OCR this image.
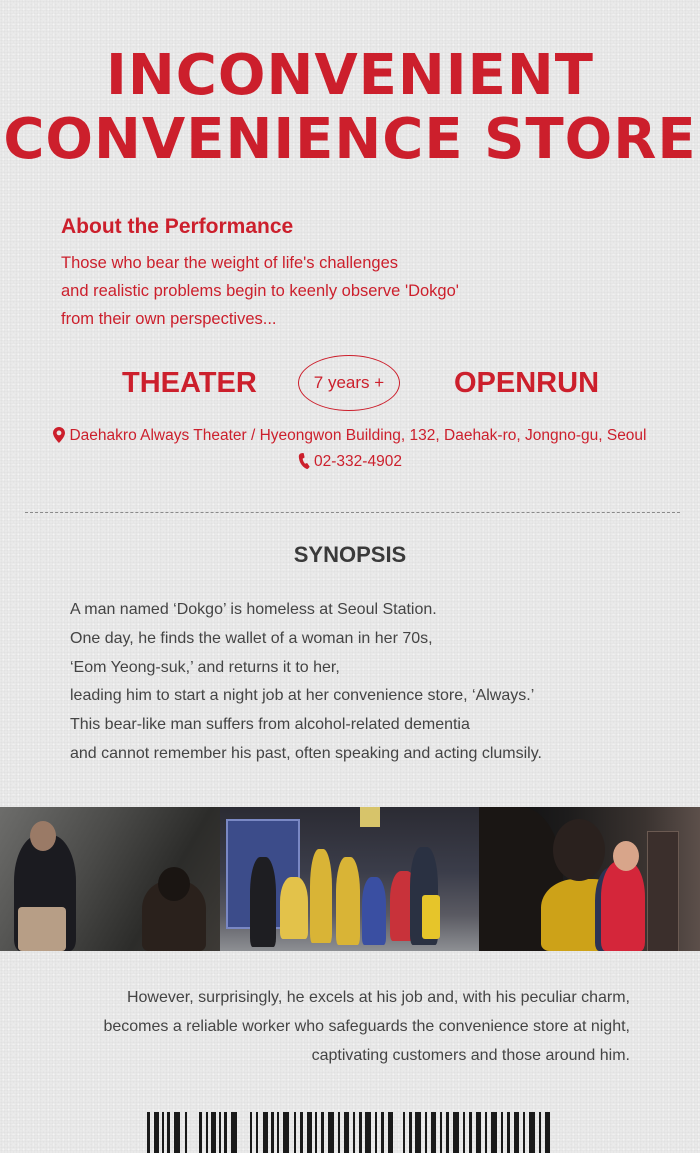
INCONVENIENT
CONVENIENCE STORE
About the Performance

Those who bear the weight of life's challenges

and realistic problems begin to keenly observe 'Dokgo'

from their own perspectives...

THEATER	7 years + OPENRUN
Daehakro Always Theater / Hyeongwon Building, 132, Daehak-ro, Jongno-gu, Seoul
02-332-4902
SYNOPSIS

A man named ‘Dokgo’ is homeless at Seoul Station.

One day, he finds the wallet of a woman in her 70s,

‘Eom Yeong-suk,’ and returns it to her,

leading him to start a night job at her convenience store, ‘Always.’

This bear-like man suffers from alcohol-related dementia

and cannot remember his past, often speaking and acting clumsily.

However, surprisingly, he excels at his job and, with his peculiar charm,

becomes a reliable worker who safeguards the convenience store at night,

captivating customers and those around him.
